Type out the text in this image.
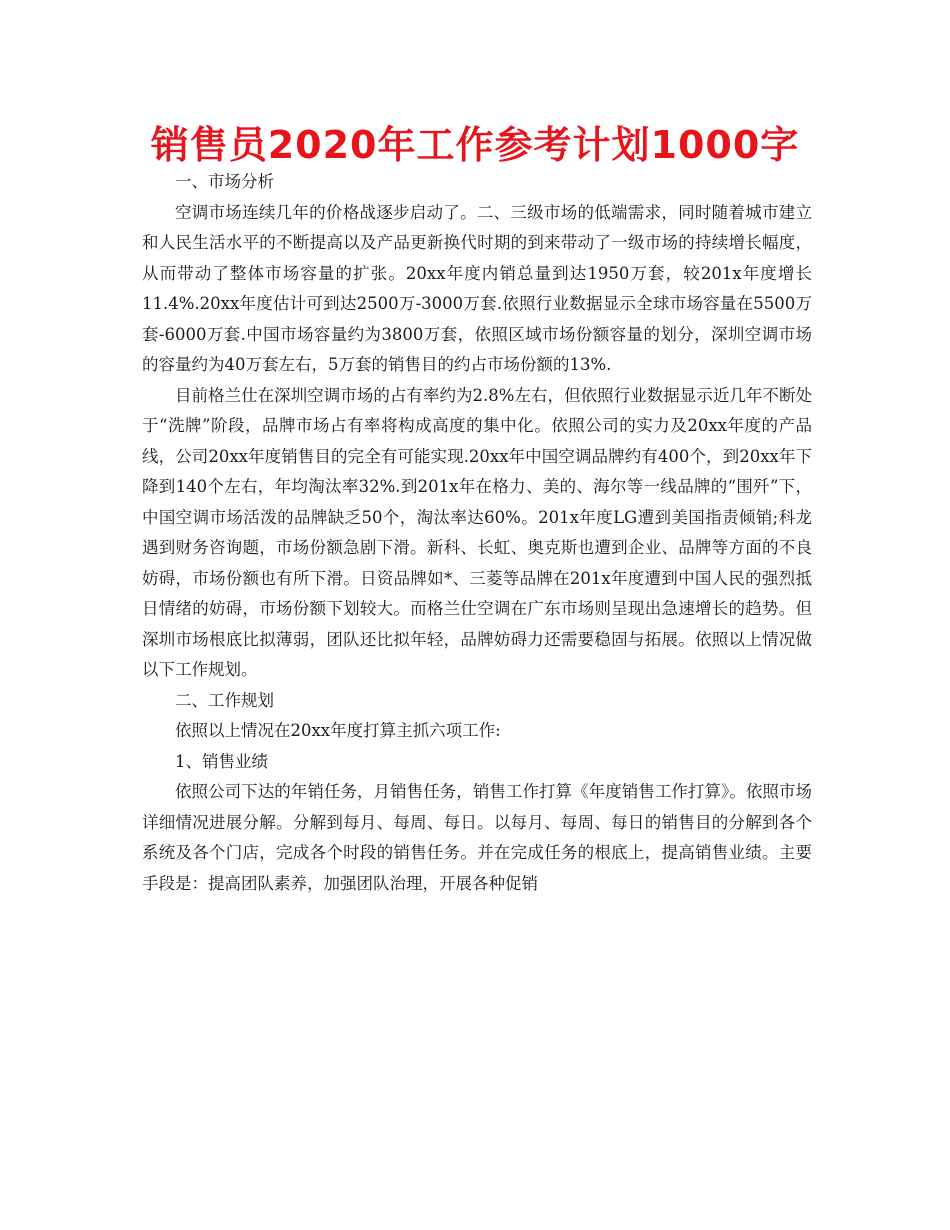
销售员2020年工作参考计划1000字

一、市场分析

空调市场连续几年的价格战逐步启动了。二、三级市场的低端需求，同时随着城市建立和人民生活水平的不断提高以及产品更新换代时期的到来带动了一级市场的持续增长幅度，从而带动了整体市场容量的扩张。20xx年度内销总量到达1950万套，较201x年度增长11.4%.20xx年度估计可到达2500万-3000万套.依照行业数据显示全球市场容量在5500万套-6000万套.中国市场容量约为3800万套，依照区域市场份额容量的划分，深圳空调市场的容量约为40万套左右，5万套的销售目的约占市场份额的13%.

目前格兰仕在深圳空调市场的占有率约为2.8%左右，但依照行业数据显示近几年不断处于“洗牌”阶段，品牌市场占有率将构成高度的集中化。依照公司的实力及20xx年度的产品线，公司20xx年度销售目的完全有可能实现.20xx年中国空调品牌约有400个，到20xx年下降到140个左右，年均淘汰率32%.到201x年在格力、美的、海尔等一线品牌的“围歼”下，中国空调市场活泼的品牌缺乏50个，淘汰率达60%。201x年度LG遭到美国指责倾销;科龙遇到财务咨询题，市场份额急剧下滑。新科、长虹、奥克斯也遭到企业、品牌等方面的不良妨碍，市场份额也有所下滑。日资品牌如*、三菱等品牌在201x年度遭到中国人民的强烈抵日情绪的妨碍，市场份额下划较大。而格兰仕空调在广东市场则呈现出急速增长的趋势。但深圳市场根底比拟薄弱，团队还比拟年轻，品牌妨碍力还需要稳固与拓展。依照以上情况做以下工作规划。

二、工作规划

依照以上情况在20xx年度打算主抓六项工作:

1、销售业绩

依照公司下达的年销任务，月销售任务，销售工作打算《年度销售工作打算》。依照市场详细情况进展分解。分解到每月、每周、每日。以每月、每周、每日的销售目的分解到各个系统及各个门店，完成各个时段的销售任务。并在完成任务的根底上，提高销售业绩。主要手段是：提高团队素养，加强团队治理，开展各种促销
